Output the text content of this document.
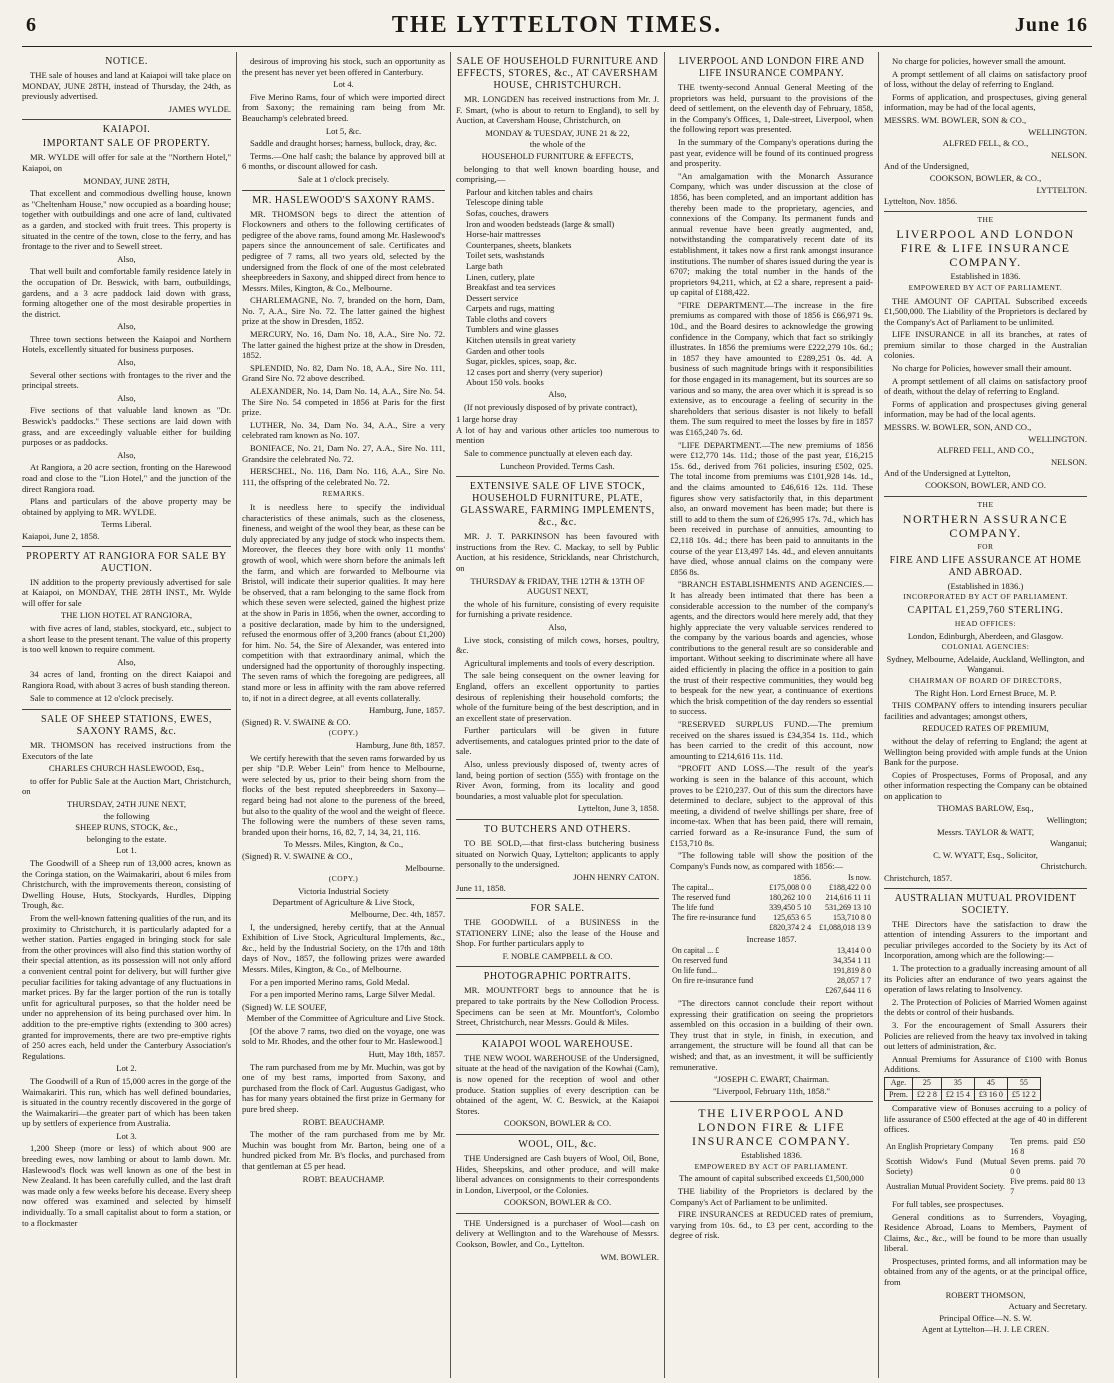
6	THE LYTTELTON TIMES.	June 16
NOTICE.

THE sale of houses and land at Kaiapoi will take place on MONDAY, JUNE 28TH, instead of Thursday, the 24th, as previously advertised.

JAMES WYLDE.
KAIAPOI.
IMPORTANT SALE OF PROPERTY.

MR. WYLDE will offer for sale at the "Northern Hotel," Kaiapoi, on

MONDAY, JUNE 28TH,

That excellent and commodious dwelling house, known as "Cheltenham House," now occupied as a boarding house; together with outbuildings and one acre of land, cultivated as a garden, and stocked with fruit trees. This property is situated in the centre of the town, close to the ferry, and has frontage to the river and to Sewell street.

Also,

That well built and comfortable family residence lately in the occupation of Dr. Beswick, with barn, outbuildings, gardens, and a 3 acre paddock laid down with grass, forming altogether one of the most desirable properties in the district.

Also,

Three town sections between the Kaiapoi and Northern Hotels, excellently situated for business purposes.

Also,

Several other sections with frontages to the river and the principal streets.

Also,

Five sections of that valuable land known as "Dr. Beswick's paddocks." These sections are laid down with grass, and are exceedingly valuable either for building purposes or as paddocks.

Also,

At Rangiora, a 20 acre section, fronting on the Harewood road and close to the "Lion Hotel," and the junction of the direct Rangiora road.

Plans and particulars of the above property may be obtained by applying to MR. WYLDE.

Terms Liberal.
Kaiapoi, June 2, 1858.
PROPERTY AT RANGIORA FOR SALE BY AUCTION.

IN addition to the property previously advertised for sale at Kaiapoi, on MONDAY, THE 28TH INST., Mr. Wylde will offer for sale

THE LION HOTEL AT RANGIORA,

with five acres of land, stables, stockyard, etc., subject to a short lease to the present tenant. The value of this property is too well known to require comment.

Also,

34 acres of land, fronting on the direct Kaiapoi and Rangiora Road, with about 3 acres of bush standing thereon.

Sale to commence at 12 o'clock precisely.

SALE OF SHEEP STATIONS, EWES, SAXONY RAMS, &c.

MR. THOMSON has received instructions from the Executors of the late

CHARLES CHURCH HASLEWOOD, Esq.,

to offer for Public Sale at the Auction Mart, Christchurch, on

THURSDAY, 24TH JUNE NEXT,
the following
SHEEP RUNS, STOCK, &c.,
belonging to the estate.
Lot 1.

The Goodwill of a Sheep run of 13,000 acres, known as the Coringa station, on the Waimakariri, about 6 miles from Christchurch, with the improvements thereon, consisting of Dwelling House, Huts, Stockyards, Hurdles, Dipping Trough, &c.

From the well-known fattening qualities of the run, and its proximity to Christchurch, it is particularly adapted for a wether station. Parties engaged in bringing stock for sale from the other provinces will also find this station worthy of their special attention, as its possession will not only afford a convenient central point for delivery, but will further give peculiar facilities for taking advantage of any fluctuations in market prices. By far the larger portion of the run is totally unfit for agricultural purposes, so that the holder need be under no apprehension of its being purchased over him. In addition to the pre-emptive rights (extending to 300 acres) granted for improvements, there are two pre-emptive rights of 250 acres each, held under the Canterbury Association's Regulations.

Lot 2.

The Goodwill of a Run of 15,000 acres in the gorge of the Waimakariri. This run, which has well defined boundaries, is situated in the country recently discovered in the gorge of the Waimakariri—the greater part of which has been taken up by settlers of experience from Australia.

Lot 3.

1,200 Sheep (more or less) of which about 900 are breeding ewes, now lambing or about to lamb down. Mr. Haslewood's flock was well known as one of the best in New Zealand. It has been carefully culled, and the last draft was made only a few weeks before his decease. Every sheep now offered was examined and selected by himself individually. To a small capitalist about to form a station, or to a flockmaster

desirous of improving his stock, such an opportunity as the present has never yet been offered in Canterbury.

Lot 4.

Five Merino Rams, four of which were imported direct from Saxony; the remaining ram being from Mr. Beauchamp's celebrated breed.

Lot 5, &c.

Saddle and draught horses; harness, bullock, dray, &c.

Terms.—One half cash; the balance by approved bill at 6 months, or discount allowed for cash.

Sale at 1 o'clock precisely.
MR. HASLEWOOD'S SAXONY RAMS.

MR. THOMSON begs to direct the attention of Flockowners and others to the following certificates of pedigree of the above rams, found among Mr. Haslewood's papers since the announcement of sale. Certificates and pedigree of 7 rams, all two years old, selected by the undersigned from the flock of one of the most celebrated sheepbreeders in Saxony, and shipped direct from hence to Messrs. Miles, Kington, & Co., Melbourne.

CHARLEMAGNE, No. 7, branded on the horn, Dam, No. 7, A.A., Sire No. 72. The latter gained the highest prize at the show in Dresden, 1852.

MERCURY, No. 16, Dam No. 18, A.A., Sire No. 72. The latter gained the highest prize at the show in Dresden, 1852.

SPLENDID, No. 82, Dam No. 18, A.A., Sire No. 111, Grand Sire No. 72 above described.

ALEXANDER, No. 14, Dam No. 14, A.A., Sire No. 54. The Sire No. 54 competed in 1856 at Paris for the first prize.

LUTHER, No. 34, Dam No. 34, A.A., Sire a very celebrated ram known as No. 107.

BONIFACE, No. 21, Dam No. 27, A.A., Sire No. 111, Grandsire the celebrated No. 72.

HERSCHEL, No. 116, Dam No. 116, A.A., Sire No. 111, the offspring of the celebrated No. 72.

REMARKS.

It is needless here to specify the individual characteristics of these animals, such as the closeness, fineness, and weight of the wool they bear, as these can be duly appreciated by any judge of stock who inspects them. Moreover, the fleeces they bore with only 11 months' growth of wool, which were shorn before the animals left the farm, and which are forwarded to Melbourne via Bristol, will indicate their superior qualities. It may here be observed, that a ram belonging to the same flock from which these seven were selected, gained the highest prize at the show in Paris in 1856, when the owner, according to a positive declaration, made by him to the undersigned, refused the enormous offer of 3,200 francs (about £1,200) for him. No. 54, the Sire of Alexander, was entered into competition with that extraordinary animal, which the undersigned had the opportunity of thoroughly inspecting. The seven rams of which the foregoing are pedigrees, all stand more or less in affinity with the ram above referred to, if not in a direct degree, at all events collaterally.

Hamburg, June, 1857.
(Signed) R. V. SWAINE & CO.
(COPY.)
Hamburg, June 8th, 1857.

We certify herewith that the seven rams forwarded by us per ship "D.P. Weber Lein" from hence to Melbourne, were selected by us, prior to their being shorn from the flocks of the best reputed sheepbreeders in Saxony—regard being had not alone to the pureness of the breed, but also to the quality of the wool and the weight of fleece. The following were the numbers of these seven rams, branded upon their horns, 16, 82, 7, 14, 34, 21, 116.

To Messrs. Miles, Kington, & Co.,
(Signed) R. V. SWAINE & CO.,
Melbourne.
(COPY.)
Victoria Industrial Society
Department of Agriculture & Live Stock,
Melbourne, Dec. 4th, 1857.

I, the undersigned, hereby certify, that at the Annual Exhibition of Live Stock, Agricultural Implements, &c., &c., held by the Industrial Society, on the 17th and 18th days of Nov., 1857, the following prizes were awarded Messrs. Miles, Kington, & Co., of Melbourne.

For a pen imported Merino rams, Gold Medal.

For a pen imported Merino rams, Large Silver Medal.

(Signed) W. LE SOUEF,
Member of the Committee of Agriculture and Live Stock.

[Of the above 7 rams, two died on the voyage, one was sold to Mr. Rhodes, and the other four to Mr. Haslewood.]

Hutt, May 18th, 1857.

The ram purchased from me by Mr. Muchin, was got by one of my best rams, imported from Saxony, and purchased from the flock of Carl. Augustus Gadigast, who has for many years obtained the first prize in Germany for pure bred sheep.

ROBT. BEAUCHAMP.

The mother of the ram purchased from me by Mr. Muchin was bought from Mr. Barton, being one of a hundred picked from Mr. B's flocks, and purchased from that gentleman at £5 per head.

ROBT. BEAUCHAMP.
SALE OF HOUSEHOLD FURNITURE AND EFFECTS, STORES, &c., AT CAVERSHAM HOUSE, CHRISTCHURCH.

MR. LONGDEN has received instructions from Mr. J. F. Smart, (who is about to return to England), to sell by Auction, at Caversham House, Christchurch, on

MONDAY & TUESDAY, JUNE 21 & 22,
the whole of the
HOUSEHOLD FURNITURE & EFFECTS,

belonging to that well known boarding house, and comprising,—

Parlour and kitchen tables and chairs
Telescope dining table
Sofas, couches, drawers
Iron and wooden bedsteads (large & small)
Horse-hair mattresses
Counterpanes, sheets, blankets
Toilet sets, washstands
Large bath
Linen, cutlery, plate
Breakfast and tea services
Dessert service
Carpets and rugs, matting
Table cloths and covers
Tumblers and wine glasses
Kitchen utensils in great variety
Garden and other tools
Sugar, pickles, spices, soap, &c.
12 cases port and sherry (very superior)
About 150 vols. books
Also,

(If not previously disposed of by private contract),

1 large horse dray
A lot of hay and various other articles too numerous to mention

Sale to commence punctually at eleven each day.

Luncheon Provided. Terms Cash.
EXTENSIVE SALE OF LIVE STOCK, HOUSEHOLD FURNITURE, PLATE, GLASSWARE, FARMING IMPLEMENTS, &c., &c.

MR. J. T. PARKINSON has been favoured with instructions from the Rev. C. Mackay, to sell by Public Auction, at his residence, Stricklands, near Christchurch, on

THURSDAY & FRIDAY, THE 12TH & 13TH OF AUGUST NEXT,

the whole of his furniture, consisting of every requisite for furnishing a private residence.

Also,

Live stock, consisting of milch cows, horses, poultry, &c.

Agricultural implements and tools of every description.

The sale being consequent on the owner leaving for England, offers an excellent opportunity to parties desirous of replenishing their household comforts; the whole of the furniture being of the best description, and in an excellent state of preservation.

Further particulars will be given in future advertisements, and catalogues printed prior to the date of sale.

Also, unless previously disposed of, twenty acres of land, being portion of section (555) with frontage on the River Avon, forming, from its locality and good boundaries, a most valuable plot for speculation.

Lyttelton, June 3, 1858.
TO BUTCHERS AND OTHERS.

TO BE SOLD,—that first-class butchering business situated on Norwich Quay, Lyttelton; applicants to apply personally to the undersigned.

JOHN HENRY CATON.
June 11, 1858.
FOR SALE.

THE GOODWILL of a BUSINESS in the STATIONERY LINE; also the lease of the House and Shop. For further particulars apply to

F. NOBLE CAMPBELL & CO.
PHOTOGRAPHIC PORTRAITS.

MR. MOUNTFORT begs to announce that he is prepared to take portraits by the New Collodion Process. Specimens can be seen at Mr. Mountfort's, Colombo Street, Christchurch, near Messrs. Gould & Miles.

KAIAPOI WOOL WAREHOUSE.

THE NEW WOOL WAREHOUSE of the Undersigned, situate at the head of the navigation of the Kowhai (Cam), is now opened for the reception of wool and other produce. Station supplies of every description can be obtained of the agent, W. C. Beswick, at the Kaiapoi Stores.

COOKSON, BOWLER & CO.
WOOL, OIL, &c.

THE Undersigned are Cash buyers of Wool, Oil, Bone, Hides, Sheepskins, and other produce, and will make liberal advances on consignments to their correspondents in London, Liverpool, or the Colonies.

COOKSON, BOWLER & CO.

THE Undersigned is a purchaser of Wool—cash on delivery at Wellington and to the Warehouse of Messrs. Cookson, Bowler, and Co., Lyttelton.

WM. BOWLER.
LIVERPOOL AND LONDON FIRE AND LIFE INSURANCE COMPANY.

THE twenty-second Annual General Meeting of the proprietors was held, pursuant to the provisions of the deed of settlement, on the eleventh day of February, 1858, in the Company's Offices, 1, Dale-street, Liverpool, when the following report was presented.

In the summary of the Company's operations during the past year, evidence will be found of its continued progress and prosperity.

"An amalgamation with the Monarch Assurance Company, which was under discussion at the close of 1856, has been completed, and an important addition has thereby been made to the proprietary, agencies, and connexions of the Company. Its permanent funds and annual revenue have been greatly augmented, and, notwithstanding the comparatively recent date of its establishment, it takes now a first rank amongst insurance institutions. The number of shares issued during the year is 6707; making the total number in the hands of the proprietors 94,211, which, at £2 a share, represent a paid-up capital of £188,422.

"FIRE DEPARTMENT.—The increase in the fire premiums as compared with those of 1856 is £66,971 9s. 10d., and the Board desires to acknowledge the growing confidence in the Company, which that fact so strikingly illustrates. In 1856 the premiums were £222,279 10s. 6d.; in 1857 they have amounted to £289,251 0s. 4d. A business of such magnitude brings with it responsibilities for those engaged in its management, but its sources are so various and so many, the area over which it is spread is so extensive, as to encourage a feeling of security in the shareholders that serious disaster is not likely to befall them. The sum required to meet the losses by fire in 1857 was £165,240 7s. 6d.

"LIFE DEPARTMENT.—The new premiums of 1856 were £12,770 14s. 11d.; those of the past year, £16,215 15s. 6d., derived from 761 policies, insuring £502, 025. The total income from premiums was £101,928 14s. 1d., and the claims amounted to £46,616 12s. 11d. These figures show very satisfactorily that, in this department also, an onward movement has been made; but there is still to add to them the sum of £26,995 17s. 7d., which has been received in purchase of annuities, amounting to £2,118 10s. 4d.; there has been paid to annuitants in the course of the year £13,497 14s. 4d., and eleven annuitants have died, whose annual claims on the company were £856 8s.

"BRANCH ESTABLISHMENTS AND AGENCIES.—It has already been intimated that there has been a considerable accession to the number of the company's agents, and the directors would here merely add, that they highly appreciate the very valuable services rendered to the company by the various boards and agencies, whose contributions to the general result are so considerable and important. Without seeking to discriminate where all have aided efficiently in placing the office in a position to gain the trust of their respective communities, they would beg to bespeak for the new year, a continuance of exertions which the brisk competition of the day renders so essential to success.

"RESERVED SURPLUS FUND.—The premium received on the shares issued is £34,354 1s. 11d., which has been carried to the credit of this account, now amounting to £214,616 11s. 11d.

"PROFIT AND LOSS.—The result of the year's working is seen in the balance of this account, which proves to be £210,237. Out of this sum the directors have determined to declare, subject to the approval of this meeting, a dividend of twelve shillings per share, free of income-tax. When that has been paid, there will remain, carried forward as a Re-insurance Fund, the sum of £153,710 8s.

"The following table will show the position of the Company's Funds now, as compared with 1856:—

	1856.	Is now.
The capital...	£175,008 0 0	£188,422 0 0
The reserved fund	180,262 10 0	214,616 11 11
The life fund	339,450 5 10	531,269 13 10
The fire re-insurance fund	125,653 6 5	153,710 8 0
	£820,374 2 4	£1,088,018 13 9
Increase 1857.
On capital ... £	13,414 0 0
On reserved fund	34,354 1 11
On life fund...	191,819 8 0
On fire re-insurance fund	28,057 1 7
	£267,644 11 6

"The directors cannot conclude their report without expressing their gratification on seeing the proprietors assembled on this occasion in a building of their own. They trust that in style, in finish, in execution, and arrangement, the structure will be found all that can be wished; and that, as an investment, it will be sufficiently remunerative.

"JOSEPH C. EWART, Chairman.
"Liverpool, February 11th, 1858."
THE LIVERPOOL AND LONDON FIRE & LIFE INSURANCE COMPANY.
Established 1836.
EMPOWERED BY ACT OF PARLIAMENT.
The amount of capital subscribed exceeds £1,500,000

THE liability of the Proprietors is declared by the Company's Act of Parliament to be unlimited.

FIRE INSURANCES at REDUCED rates of premium, varying from 10s. 6d., to £3 per cent, according to the degree of risk.

No charge for policies, however small the amount.

A prompt settlement of all claims on satisfactory proof of loss, without the delay of referring to England.

Forms of application, and prospectuses, giving general information, may be had of the local agents,

MESSRS. WM. BOWLER, SON & CO.,
WELLINGTON.
ALFRED FELL, & CO.,
NELSON.
And of the Undersigned,
COOKSON, BOWLER, & CO.,
LYTTELTON.
Lyttelton, Nov. 1856.
THE
LIVERPOOL AND LONDON FIRE & LIFE INSURANCE COMPANY.
Established in 1836.
EMPOWERED BY ACT OF PARLIAMENT.

THE AMOUNT OF CAPITAL Subscribed exceeds £1,500,000. The Liability of the Proprietors is declared by the Company's Act of Parliament to be unlimited.

LIFE INSURANCE in all its branches, at rates of premium similar to those charged in the Australian colonies.

No charge for Policies, however small their amount.

A prompt settlement of all claims on satisfactory proof of death, without the delay of referring to England.

Forms of application and prospectuses giving general information, may be had of the local agents.

MESSRS. W. BOWLER, SON, AND CO.,
WELLINGTON.
ALFRED FELL, AND CO.,
NELSON.
And of the Undersigned at Lyttelton,
COOKSON, BOWLER, AND CO.
THE
NORTHERN ASSURANCE COMPANY.
FOR
FIRE AND LIFE ASSURANCE AT HOME AND ABROAD.
(Established in 1836.)
INCORPORATED BY ACT OF PARLIAMENT.
CAPITAL £1,259,760 STERLING.
HEAD OFFICES:
London, Edinburgh, Aberdeen, and Glasgow.
COLONIAL AGENCIES:
Sydney, Melbourne, Adelaide, Auckland, Wellington, and Wanganui.
CHAIRMAN OF BOARD OF DIRECTORS,
The Right Hon. Lord Ernest Bruce, M. P.

THIS COMPANY offers to intending insurers peculiar facilities and advantages; amongst others,

REDUCED RATES OF PREMIUM,

without the delay of referring to England; the agent at Wellington being provided with ample funds at the Union Bank for the purpose.

Copies of Prospectuses, Forms of Proposal, and any other information respecting the Company can be obtained on application to

THOMAS BARLOW, Esq.,
Wellington;
Messrs. TAYLOR & WATT,
Wanganui;
C. W. WYATT, Esq., Solicitor,
Christchurch.
Christchurch, 1857.
AUSTRALIAN MUTUAL PROVIDENT SOCIETY.

THE Directors have the satisfaction to draw the attention of intending Assurers to the important and peculiar privileges accorded to the Society by its Act of Incorporation, among which are the following:—

1. The protection to a gradually increasing amount of all its Policies after an endurance of two years against the operation of laws relating to Insolvency.

2. The Protection of Policies of Married Women against the debts or control of their husbands.

3. For the encouragement of Small Assurers their Policies are relieved from the heavy tax involved in taking out letters of administration, &c.

Annual Premiums for Assurance of £100 with Bonus Additions.

Age.	25	35	45	55
Prem.	£2 2 8	£2 15 4	£3 16 0	£5 12 2

Comparative view of Bonuses accruing to a policy of life assurance of £500 effected at the age of 40 in different offices.

An English Proprietary Company	Ten prems. paid £50 16 8
Scottish Widow's Fund (Mutual Society)	Seven prems. paid 70 0 0
Australian Mutual Provident Society.	Five prems. paid 80 13 7

For full tables, see prospectuses.

General conditions as to Surrenders, Voyaging, Residence Abroad, Loans to Members, Payment of Claims, &c., &c., will be found to be more than usually liberal.

Prospectuses, printed forms, and all information may be obtained from any of the agents, or at the principal office, from

ROBERT THOMSON,
Actuary and Secretary.
Principal Office—N. S. W.
Agent at Lyttelton—H. J. LE CREN.
